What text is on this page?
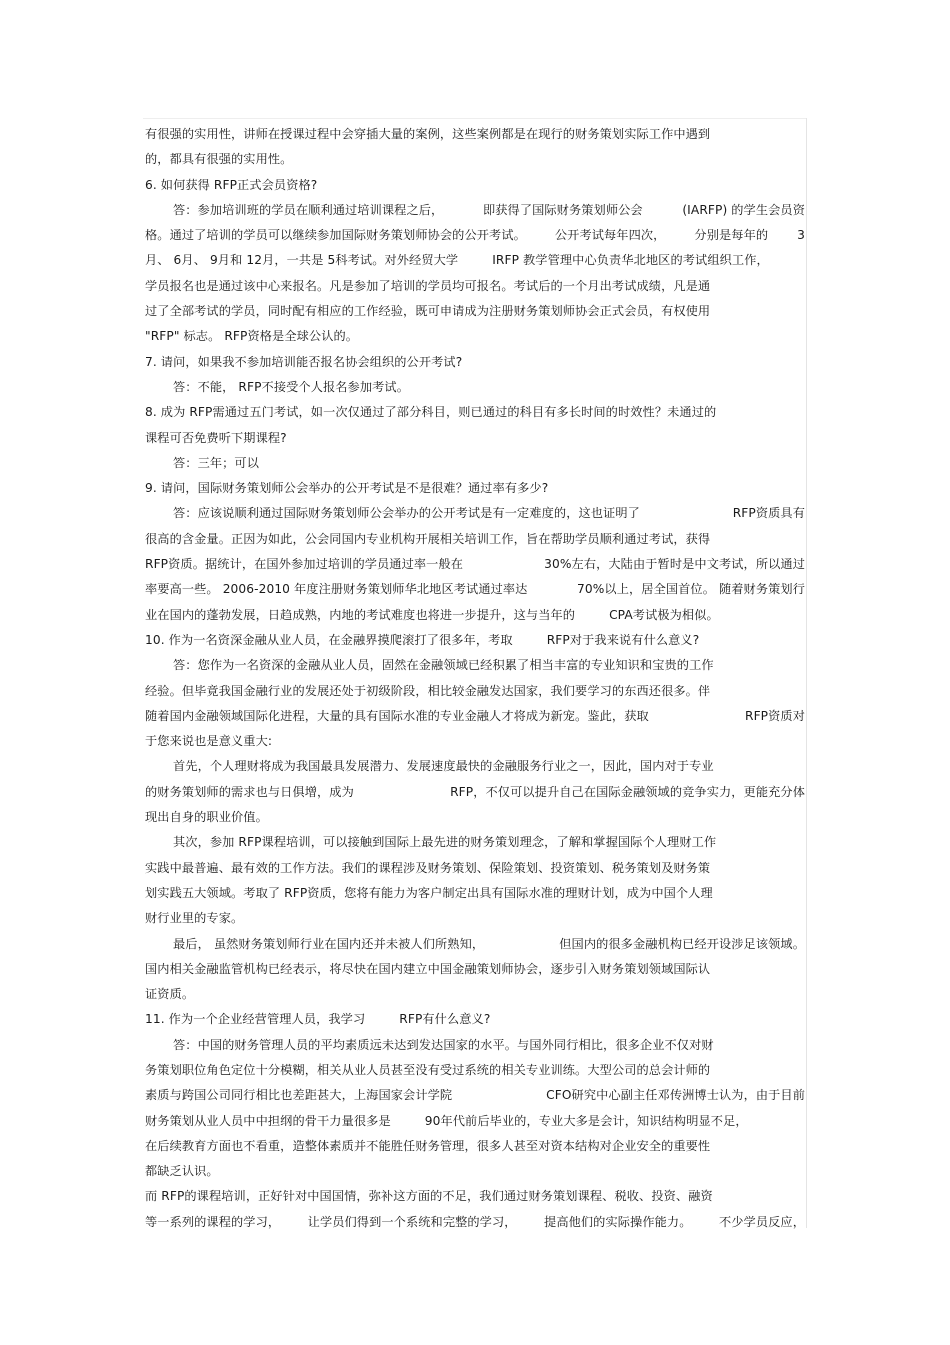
有很强的实用性，讲师在授课过程中会穿插大量的案例，这些案例都是在现行的财务策划实际工作中遇到
的，都具有很强的实用性。
6. 如何获得 RFP正式会员资格?
答：参加培训班的学员在顺利通过培训课程之后，	即获得了国际财务策划师公会	(IARFP) 的学生会员资
格。通过了培训的学员可以继续参加国际财务策划师协会的公开考试。 公开考试每年四次， 分别是每年的 3
月、 6月、 9月和 12月，一共是 5科考试。对外经贸大学	IRFP 教学管理中心负责华北地区的考试组织工作，
学员报名也是通过该中心来报名。凡是参加了培训的学员均可报名。考试后的一个月出考试成绩，凡是通
过了全部考试的学员，同时配有相应的工作经验，既可申请成为注册财务策划师协会正式会员，有权使用
"RFP" 标志。 RFP资格是全球公认的。
7. 请问，如果我不参加培训能否报名协会组织的公开考试?
答：不能， RFP不接受个人报名参加考试。
8. 成为 RFP需通过五门考试，如一次仅通过了部分科目，则已通过的科目有多长时间的时效性？未通过的
课程可否免费听下期课程?
答：三年；可以
9. 请问，国际财务策划师公会举办的公开考试是不是很难？通过率有多少?
答：应该说顺利通过国际财务策划师公会举办的公开考试是有一定难度的，这也证明了	RFP资质具有
很高的含金量。正因为如此，公会同国内专业机构开展相关培训工作，旨在帮助学员顺利通过考试，获得
RFP资质。据统计，在国外参加过培训的学员通过率一般在	30%左右，大陆由于暂时是中文考试，所以通过
率要高一些。 2006-2010 年度注册财务策划师华北地区考试通过率达	70%以上，居全国首位。 随着财务策划行
业在国内的蓬勃发展，日趋成熟，内地的考试难度也将进一步提升，这与当年的	CPA考试极为相似。
10. 作为一名资深金融从业人员，在金融界摸爬滚打了很多年，考取	RFP对于我来说有什么意义?
答：您作为一名资深的金融从业人员，固然在金融领域已经积累了相当丰富的专业知识和宝贵的工作
经验。但毕竟我国金融行业的发展还处于初级阶段，相比较金融发达国家，我们要学习的东西还很多。伴
随着国内金融领域国际化进程，大量的具有国际水准的专业金融人才将成为新宠。鉴此，获取	RFP资质对
于您来说也是意义重大:
首先，个人理财将成为我国最具发展潜力、发展速度最快的金融服务行业之一，因此，国内对于专业
的财务策划师的需求也与日俱增，成为	RFP，不仅可以提升自己在国际金融领域的竞争实力，更能充分体
现出自身的职业价值。
其次，参加 RFP课程培训，可以接触到国际上最先进的财务策划理念，了解和掌握国际个人理财工作
实践中最普遍、最有效的工作方法。我们的课程涉及财务策划、保险策划、投资策划、税务策划及财务策
划实践五大领域。考取了 RFP资质，您将有能力为客户制定出具有国际水准的理财计划，成为中国个人理
财行业里的专家。
最后， 虽然财务策划师行业在国内还并未被人们所熟知，	但国内的很多金融机构已经开设涉足该领域。
国内相关金融监管机构已经表示，将尽快在国内建立中国金融策划师协会，逐步引入财务策划领域国际认
证资质。
11. 作为一个企业经营管理人员，我学习	RFP有什么意义?
答：中国的财务管理人员的平均素质远未达到发达国家的水平。与国外同行相比，很多企业不仅对财
务策划职位角色定位十分模糊，相关从业人员甚至没有受过系统的相关专业训练。大型公司的总会计师的
素质与跨国公司同行相比也差距甚大，上海国家会计学院	CFO研究中心副主任邓传洲博士认为，由于目前
财务策划从业人员中中担纲的骨干力量很多是	90年代前后毕业的，专业大多是会计，知识结构明显不足，
在后续教育方面也不看重，造整体素质并不能胜任财务管理，很多人甚至对资本结构对企业安全的重要性
都缺乏认识。
而 RFP的课程培训，正好针对中国国情，弥补这方面的不足，我们通过财务策划课程、税收、投资、融资
等一系列的课程的学习， 让学员们得到一个系统和完整的学习， 提高他们的实际操作能力。 不少学员反应，
